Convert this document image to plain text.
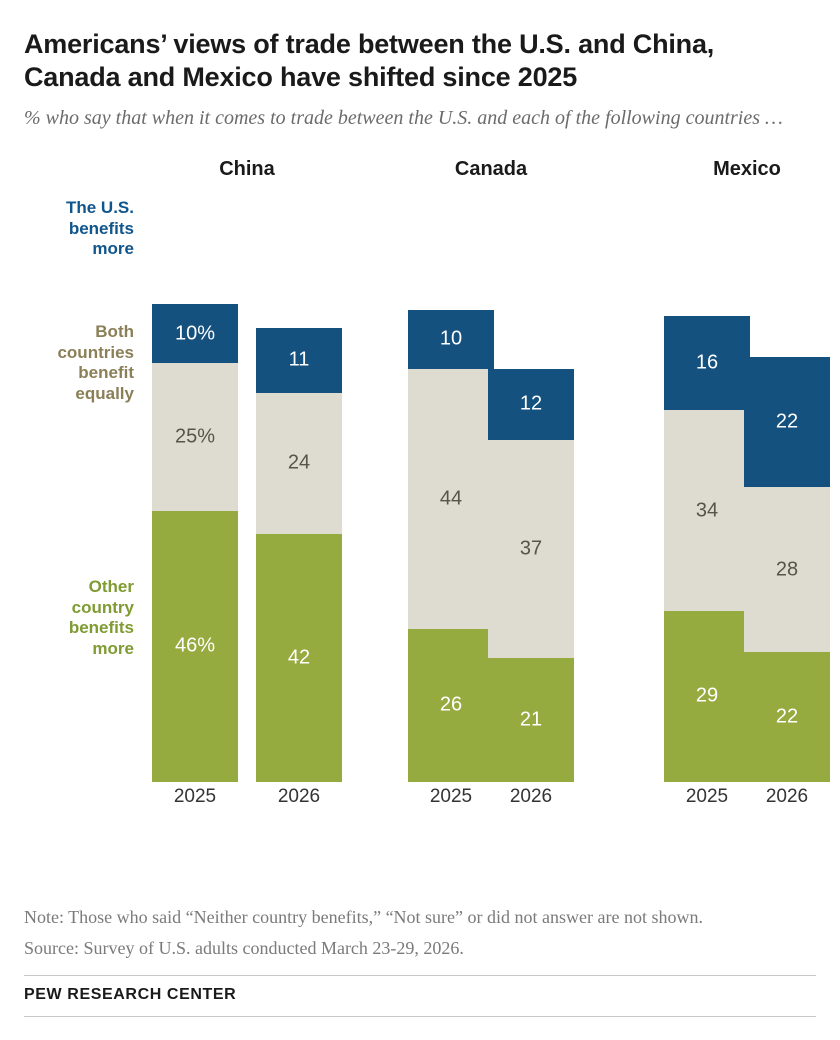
Americans’ views of trade between the U.S. and China, Canada and Mexico have shifted since 2025

% who say that when it comes to trade between the U.S. and each of the following countries …

China	Canada	Mexico
The U.S. benefits more
Both countries benefit equally
Other country benefits more
10%
25%
46%
11
24
42
10
44
26
12
37
21
16
34
29
22
28
22
2025	2026	2025	2026	2025	2026
Note: Those who said “Neither country benefits,” “Not sure” or did not answer are not shown.
Source: Survey of U.S. adults conducted March 23-29, 2026.
PEW RESEARCH CENTER
